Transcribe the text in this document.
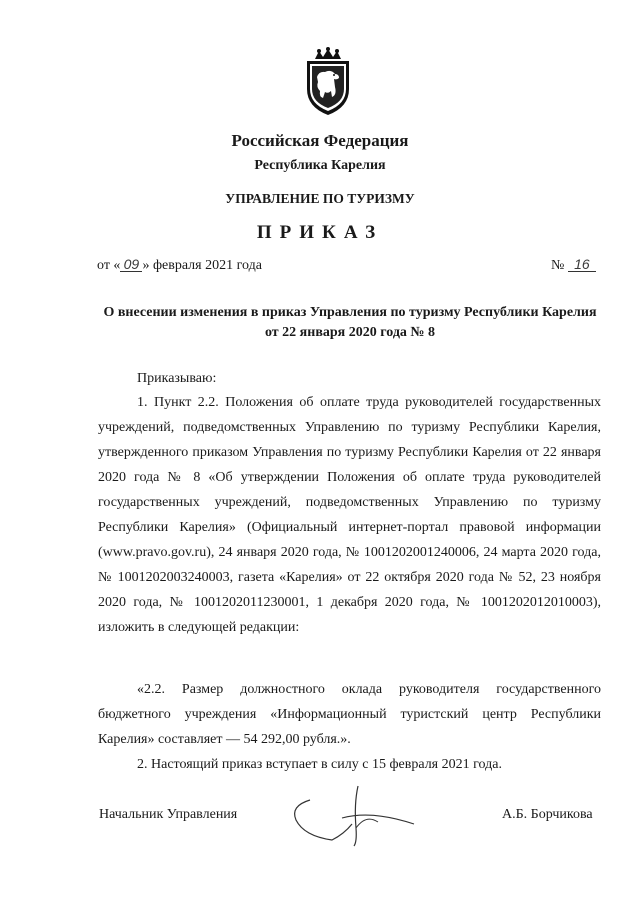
Российская Федерация
Республика Карелия
УПРАВЛЕНИЕ ПО ТУРИЗМУ
ПРИКАЗ
от « 09 » февраля 2021 года	№ 16
О внесении изменения в приказ Управления по туризму Республики Карелия от 22 января 2020 года № 8
Приказываю:
1. Пункт 2.2. Положения об оплате труда руководителей государственных учреждений, подведомственных Управлению по туризму Республики Карелия, утвержденного приказом Управления по туризму Республики Карелия от 22 января 2020 года № 8 «Об утверждении Положения об оплате труда руководителей государственных учреждений, подведомственных Управлению по туризму Республики Карелия» (Официальный интернет-портал правовой информации (www.pravo.gov.ru), 24 января 2020 года, № 1001202001240006, 24 марта 2020 года, № 1001202003240003, газета «Карелия» от 22 октября 2020 года № 52, 23 ноября 2020 года, № 1001202011230001, 1 декабря 2020 года, № 1001202012010003), изложить в следующей редакции:
«2.2. Размер должностного оклада руководителя государственного бюджетного учреждения «Информационный туристский центр Республики Карелия» составляет — 54 292,00 рубля.».
2. Настоящий приказ вступает в силу с 15 февраля 2021 года.
Начальник Управления	А.Б. Борчикова
